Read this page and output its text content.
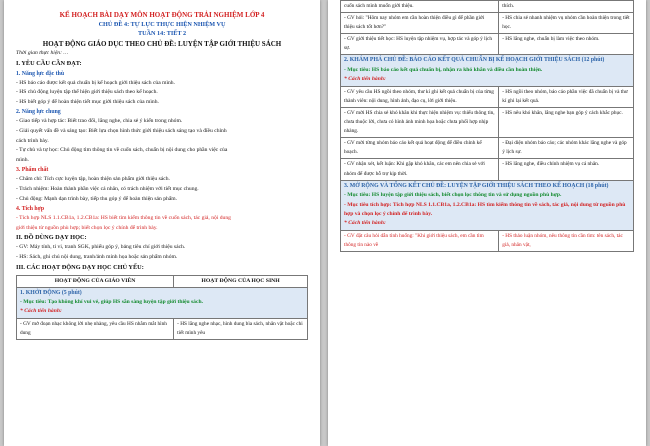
KẾ HOẠCH BÀI DẠY MÔN HOẠT ĐỘNG TRẢI NGHIỆM LỚP 4
CHỦ ĐỀ 4: TỰ LỰC THỰC HIỆN NHIỆM VỤ
TUẦN 14: TIẾT 2
HOẠT ĐỘNG GIÁO DỤC THEO CHỦ ĐỀ: LUYỆN TẬP GIỚI THIỆU SÁCH
Thời gian thực hiện: …
I. YÊU CẦU CẦN ĐẠT:
1. Năng lực đặc thù
- HS báo cáo được kết quả chuẩn bị kế hoạch giới thiệu sách của mình.
- HS chủ động luyện tập thể hiện giới thiệu sách theo kế hoạch.
- HS biết góp ý để hoàn thiện tiết mục giới thiệu sách của mình.
2. Năng lực chung
- Giao tiếp và hợp tác: Biết trao đổi, lắng nghe, chia sẻ ý kiến trong nhóm.
- Giải quyết vấn đề và sáng tạo: Biết lựa chọn hình thức giới thiệu sách sáng tạo và điều chỉnh
cách trình bày.
- Tự chủ và tự học: Chủ động tìm thông tin về cuốn sách, chuẩn bị nội dung cho phần việc của
mình.
3. Phẩm chất
- Chăm chỉ: Tích cực luyện tập, hoàn thiện sản phẩm giới thiệu sách.
- Trách nhiệm: Hoàn thành phần việc cá nhân, có trách nhiệm với tiết mục chung.
- Chủ động: Mạnh dạn trình bày, tiếp thu góp ý để hoàn thiện sản phẩm.
4. Tích hợp
- Tích hợp NLS 1.1.CB1a, 1.2.CB1a: HS biết tìm kiếm thông tin về cuốn sách, tác giả, nội dung
giới thiệu từ nguồn phù hợp; biết chọn lọc ý chính để trình bày.
II. ĐỒ DÙNG DẠY HỌC:
- GV: Máy tính, ti vi, tranh SGK, phiếu góp ý, bảng tiêu chí giới thiệu sách.
- HS: Sách, ghi chú nội dung, tranh/ảnh minh họa hoặc sản phẩm nhóm.
III. CÁC HOẠT ĐỘNG DẠY HỌC CHỦ YẾU:
HOẠT ĐỘNG CỦA GIÁO VIÊN	HOẠT ĐỘNG CỦA HỌC SINH

1. KHỞI ĐỘNG (5 phút)
- Mục tiêu: Tạo không khí vui vẻ, giúp HS sẵn sàng luyện tập giới thiệu sách.
* Cách tiến hành:	

- GV mở đoạn nhạc không lời nhẹ nhàng, yêu cầu HS nhắm mắt hình dung	- HS lắng nghe nhạc, hình dung bìa sách, nhân vật hoặc chi tiết mình yêu
cuốn sách mình muốn giới thiệu.	thích.
- GV hỏi: "Hôm nay nhóm em cần hoàn thiện điều gì để phần giới thiệu sách tốt hơn?"	- HS chia sẻ nhanh nhiệm vụ nhóm cần hoàn thiện trong tiết học.
- GV giới thiệu tiết học: HS luyện tập nhiệm vụ, hợp tác và góp ý lịch sự.	- HS lắng nghe, chuẩn bị làm việc theo nhóm.

2. KHÁM PHÁ CHỦ ĐỀ: BÁO CÁO KẾT QUẢ CHUẨN BỊ KẾ HOẠCH GIỚI THIỆU SÁCH (12 phút)
- Mục tiêu: HS báo cáo kết quả chuẩn bị, nhận ra khó khăn và điều cần hoàn thiện.
* Cách tiến hành:	

- GV yêu cầu HS ngồi theo nhóm, thư kí ghi kết quả chuẩn bị của từng thành viên: nội dung, hình ảnh, đạo cụ, lời giới thiệu.	- HS ngồi theo nhóm, báo cáo phần việc đã chuẩn bị và thư kí ghi lại kết quả.
- GV mời HS chia sẻ khó khăn khi thực hiện nhiệm vụ: thiếu thông tin, chưa thuộc lời, chưa có hình ảnh minh họa hoặc chưa phối hợp nhịp nhàng.	- HS nêu khó khăn, lắng nghe bạn góp ý cách khắc phục.
- GV mời từng nhóm báo cáo kết quả hoạt động để điều chỉnh kế hoạch.	- Đại diện nhóm báo cáo; các nhóm khác lắng nghe và góp ý lịch sự.
- GV nhận xét, kết luận: Khi gặp khó khăn, các em nên chia sẻ với nhóm để được hỗ trợ kịp thời.	- HS lắng nghe, điều chỉnh nhiệm vụ cá nhân.

3. MỞ RỘNG VÀ TỔNG KẾT CHỦ ĐỀ: LUYỆN TẬP GIỚI THIỆU SÁCH THEO KẾ HOẠCH (18 phút)
- Mục tiêu: HS luyện tập giới thiệu sách, biết chọn lọc thông tin và sử dụng nguồn phù hợp.
- Mục tiêu tích hợp: Tích hợp NLS 1.1.CB1a, 1.2.CB1a: HS tìm kiếm thông tin về sách, tác giả, nội dung từ nguồn phù hợp và chọn lọc ý chính để trình bày.
* Cách tiến hành:	

- GV đặt câu hỏi dẫn tình huống: "Khi giới thiệu sách, em cần tìm thông tin nào về	- HS thảo luận nhóm, nêu thông tin cần tìm: tên sách, tác giả, nhân vật,
